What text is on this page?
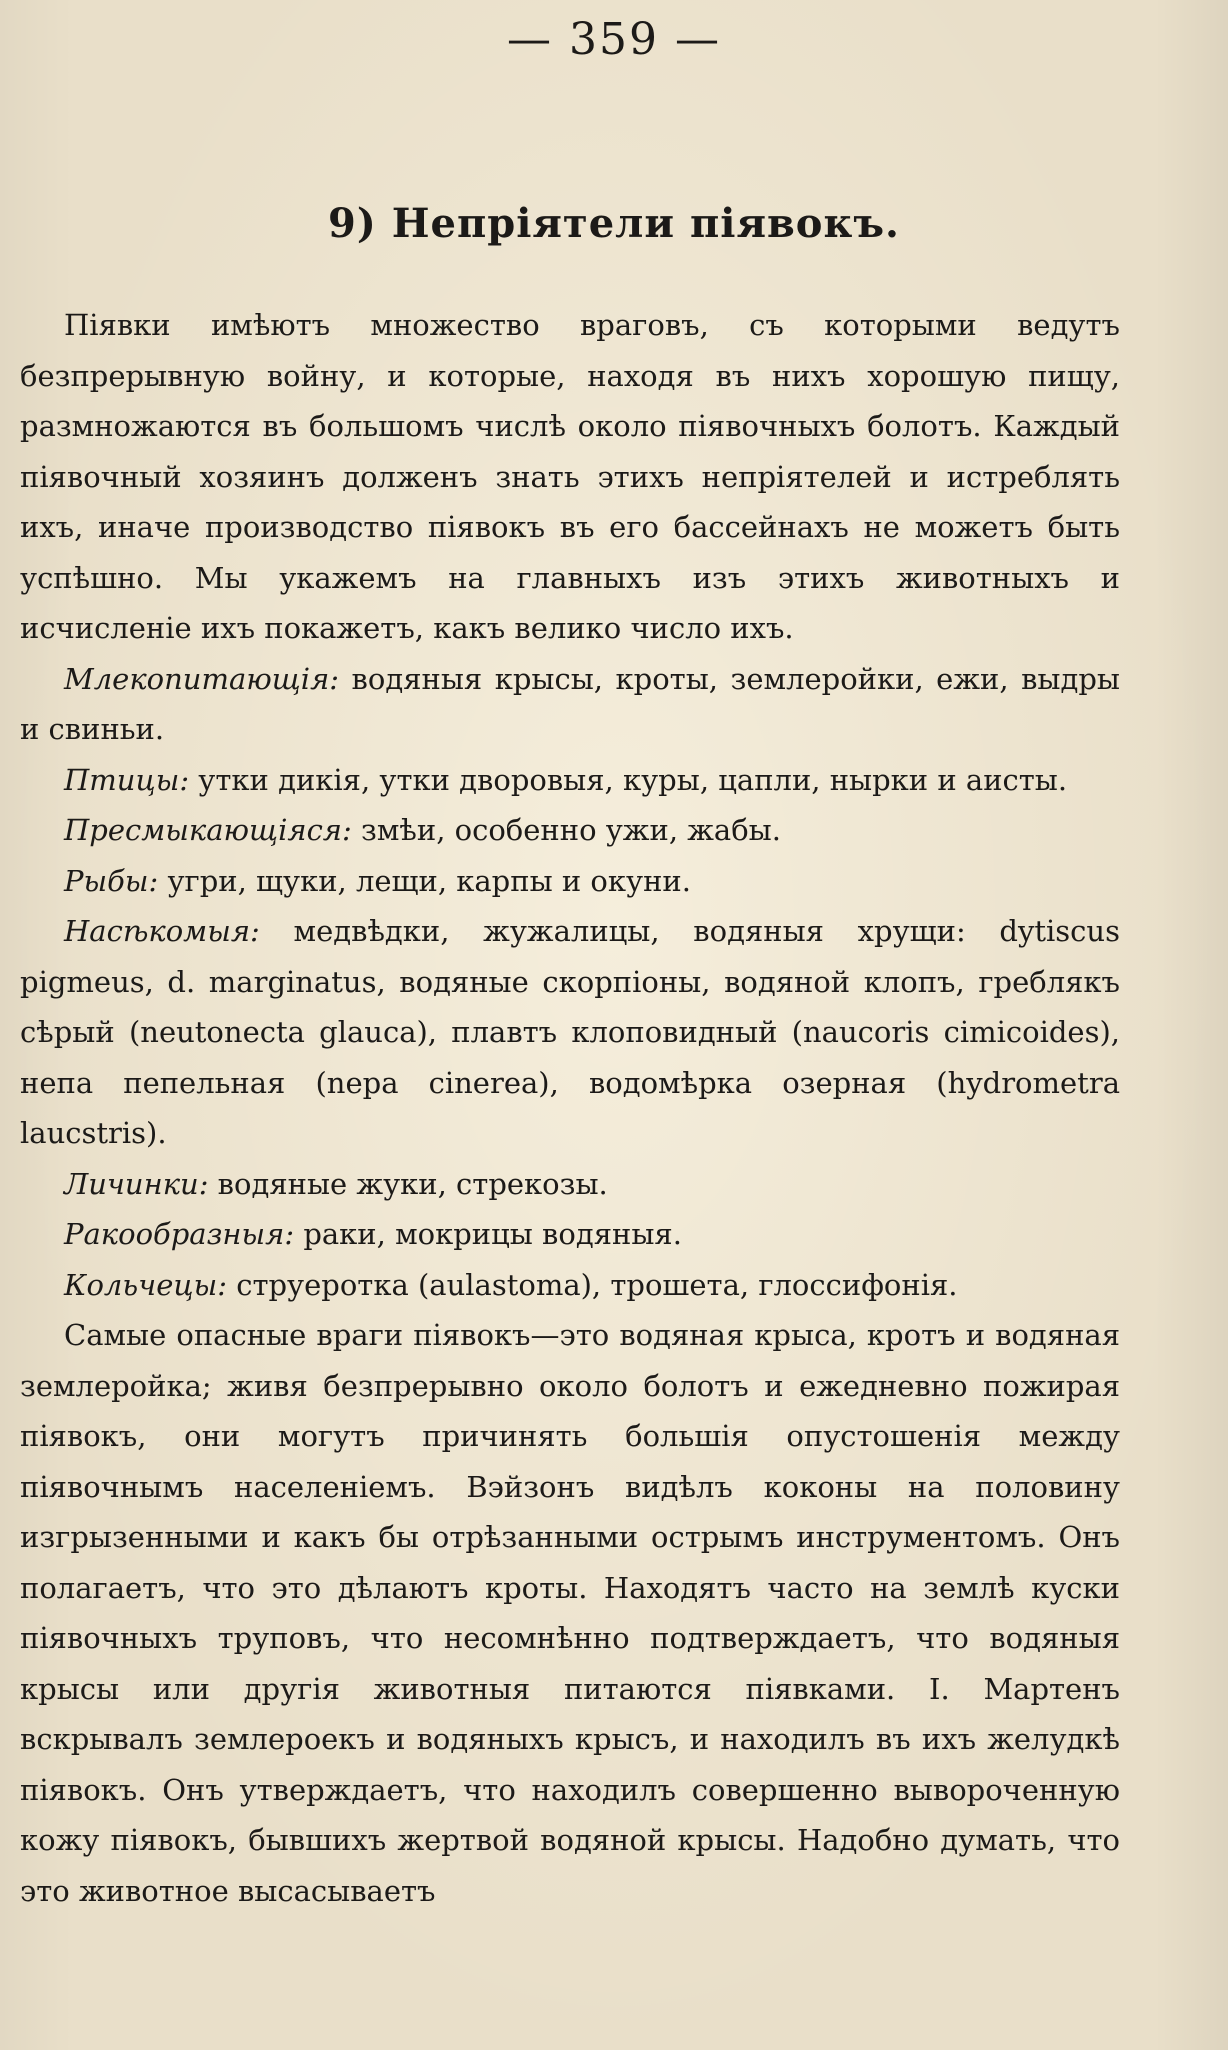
— 359 —
9) Непріятели піявокъ.

Піявки имѣютъ множество враговъ, съ которыми ведутъ безпрерывную войну, и которые, находя въ нихъ хорошую пищу, размножаются въ большомъ числѣ около піявочныхъ болотъ. Каждый піявочный хозяинъ долженъ знать этихъ непріятелей и истреблять ихъ, иначе производство піявокъ въ его бассейнахъ не можетъ быть успѣшно. Мы укажемъ на главныхъ изъ этихъ животныхъ и исчисленіе ихъ покажетъ, какъ велико число ихъ.

Млекопитающія: водяныя крысы, кроты, землеройки, ежи, выдры и свиньи.

Птицы: утки дикія, утки дворовыя, куры, цапли, нырки и аисты.

Пресмыкающіяся: змѣи, особенно ужи, жабы.

Рыбы: угри, щуки, лещи, карпы и окуни.

Насѣкомыя: медвѣдки, жужалицы, водяныя хрущи: dytiscus pigmeus, d. marginatus, водяные скорпіоны, водяной клопъ, греблякъ сѣрый (neutonecta glauca), плавтъ клоповидный (naucoris cimicoides), непа пепельная (nepa cinerea), водомѣрка озерная (hydrometra laucstris).

Личинки: водяные жуки, стрекозы.

Ракообразныя: раки, мокрицы водяныя.

Кольчецы: струеротка (aulastoma), трошета, глоссифонія.

Самые опасные враги піявокъ—это водяная крыса, кротъ и водяная землеройка; живя безпрерывно около болотъ и ежедневно пожирая піявокъ, они могутъ причинять большія опустошенія между піявочнымъ населеніемъ. Вэйзонъ видѣлъ коконы на половину изгрызенными и какъ бы отрѣзанными острымъ инструментомъ. Онъ полагаетъ, что это дѣлаютъ кроты. Находятъ часто на землѣ куски піявочныхъ труповъ, что несомнѣнно подтверждаетъ, что водяныя крысы или другія животныя питаются піявками. I. Мартенъ вскрывалъ землероекъ и водяныхъ крысъ, и находилъ въ ихъ желудкѣ піявокъ. Онъ утверждаетъ, что находилъ совершенно вывороченную кожу піявокъ, бывшихъ жертвой водяной крысы. Надобно думать, что это животное высасываетъ
